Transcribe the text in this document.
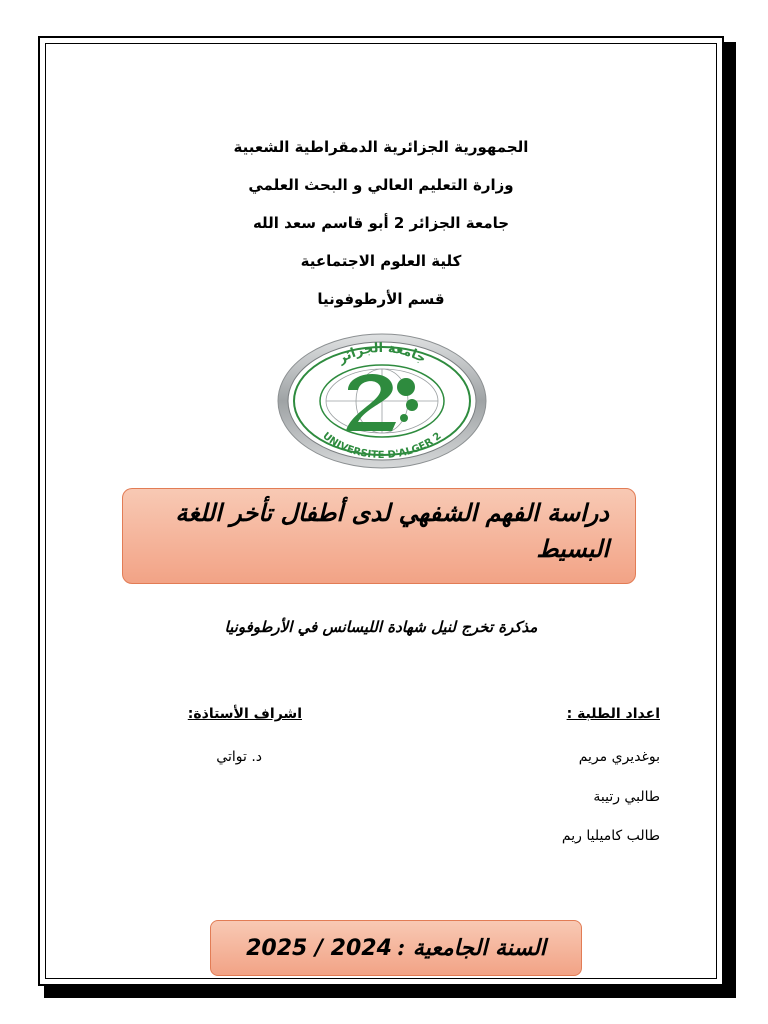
الجمهورية الجزائرية الدمقراطية الشعبية
وزارة التعليم العالي و البحث العلمي
جامعة الجزائر 2 أبو قاسم سعد الله
كلية العلوم الاجتماعية
قسم الأرطوفونيا
جامعة الجزائر
UNIVERSITE D'ALGER 2
دراسة الفهم الشفهي لدى أطفال تأخر اللغة البسيط
مذكرة تخرج لنيل شهادة الليسانس في الأرطوفونيا
اعداد الطلبة :
اشراف الأستاذة:
بوغديري مريم
طالبي رتيبة
طالب كاميليا ريم
د. تواتي
السنة الجامعية : 2025 / 2024
